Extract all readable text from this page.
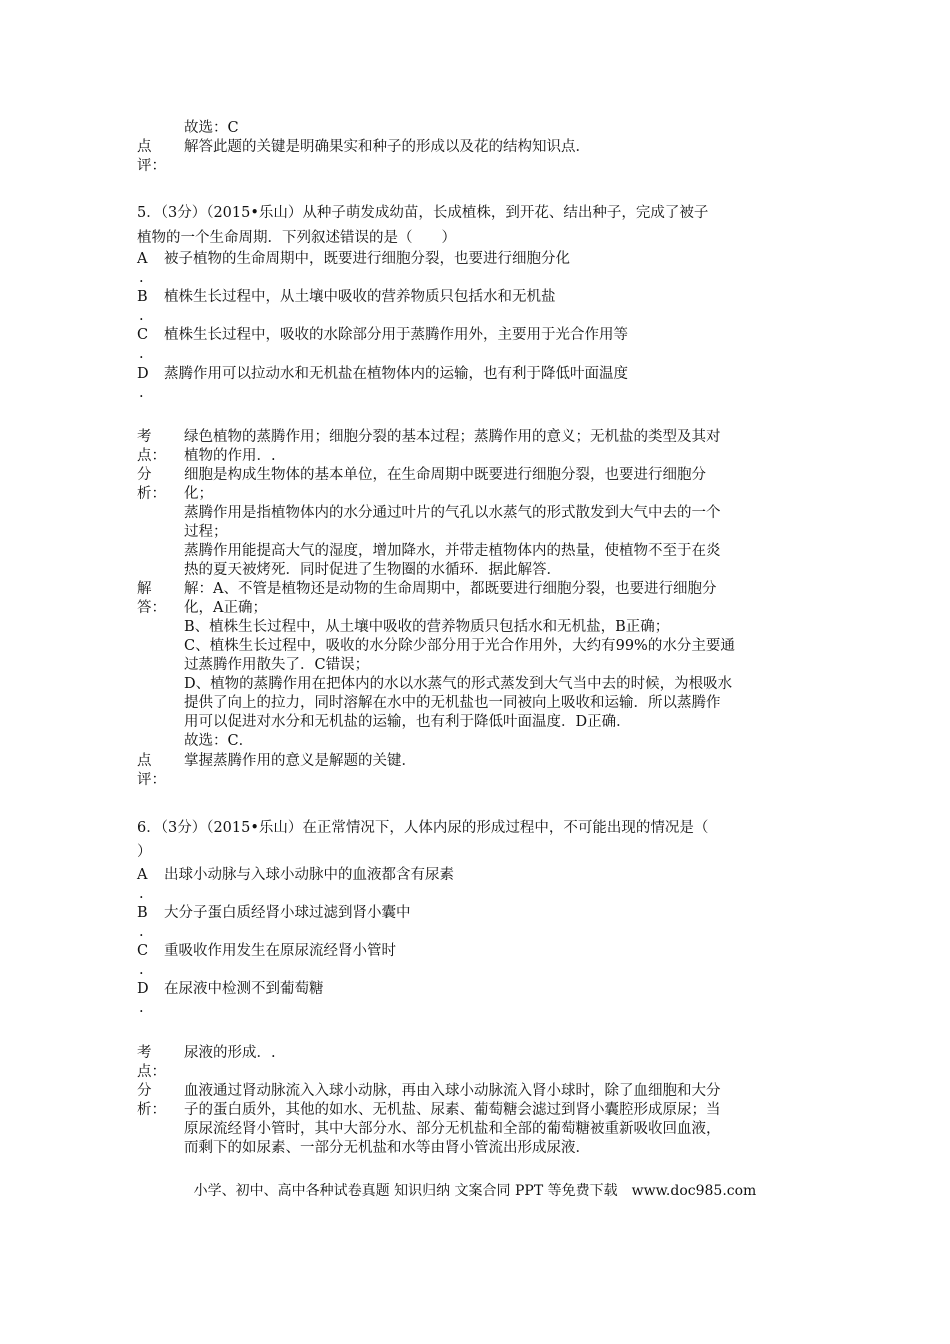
故选：C
点 解答此题的关键是明确果实和种子的形成以及花的结构知识点．
评：
5．（3分）（2015•乐山）从种子萌发成幼苗，长成植株，到开花、结出种子，完成了被子
植物的一个生命周期．下列叙述错误的是（　　）
A 被子植物的生命周期中，既要进行细胞分裂，也要进行细胞分化
.
B 植株生长过程中，从土壤中吸收的营养物质只包括水和无机盐
.
C 植株生长过程中，吸收的水除部分用于蒸腾作用外，主要用于光合作用等
.
D 蒸腾作用可以拉动水和无机盐在植物体内的运输，也有利于降低叶面温度
.
考
点：
绿色植物的蒸腾作用；细胞分裂的基本过程；蒸腾作用的意义；无机盐的类型及其对
植物的作用．.
分
析：
细胞是构成生物体的基本单位，在生命周期中既要进行细胞分裂，也要进行细胞分
化；
蒸腾作用是指植物体内的水分通过叶片的气孔以水蒸气的形式散发到大气中去的一个
过程；
蒸腾作用能提高大气的湿度，增加降水，并带走植物体内的热量，使植物不至于在炎
热的夏天被烤死．同时促进了生物圈的水循环．据此解答．
解
答：
解：A、不管是植物还是动物的生命周期中，都既要进行细胞分裂，也要进行细胞分
化，A正确；
B、植株生长过程中，从土壤中吸收的营养物质只包括水和无机盐，B正确；
C、植株生长过程中，吸收的水分除少部分用于光合作用外，大约有99%的水分主要通
过蒸腾作用散失了．C错误；
D、植物的蒸腾作用在把体内的水以水蒸气的形式蒸发到大气当中去的时候，为根吸水
提供了向上的拉力，同时溶解在水中的无机盐也一同被向上吸收和运输．所以蒸腾作
用可以促进对水分和无机盐的运输，也有利于降低叶面温度．D正确．
故选：C．
点
评：
掌握蒸腾作用的意义是解题的关键．
6．（3分）（2015•乐山）在正常情况下，人体内尿的形成过程中，不可能出现的情况是（
）
A 出球小动脉与入球小动脉中的血液都含有尿素
.
B 大分子蛋白质经肾小球过滤到肾小囊中
.
C 重吸收作用发生在原尿流经肾小管时
.
D 在尿液中检测不到葡萄糖
.
考
点：
尿液的形成．.
分
析：
血液通过肾动脉流入入球小动脉，再由入球小动脉流入肾小球时，除了血细胞和大分
子的蛋白质外，其他的如水、无机盐、尿素、葡萄糖会滤过到肾小囊腔形成原尿；当
原尿流经肾小管时，其中大部分水、部分无机盐和全部的葡萄糖被重新吸收回血液，
而剩下的如尿素、一部分无机盐和水等由肾小管流出形成尿液．
小学、初中、高中各种试卷真题 知识归纳 文案合同 PPT 等免费下载　www.doc985.com
